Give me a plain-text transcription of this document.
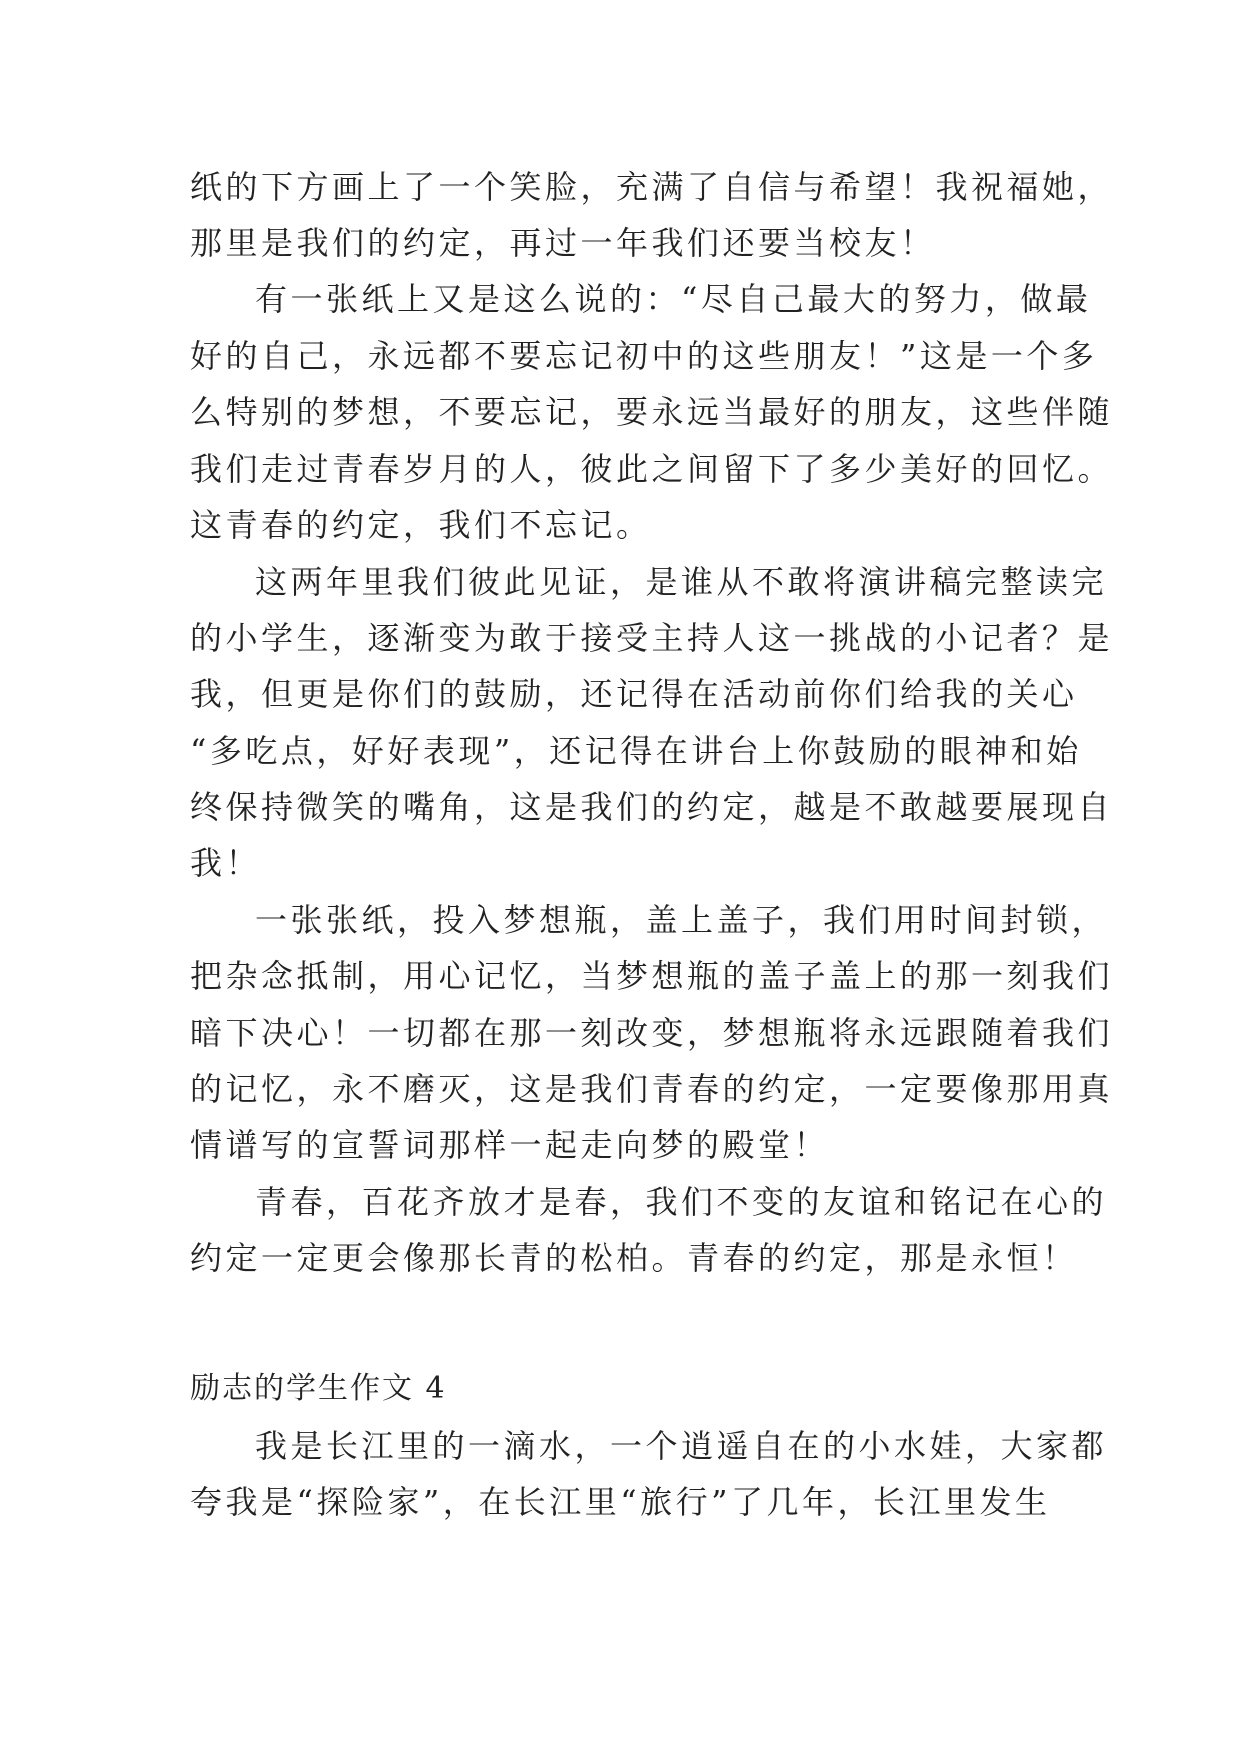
纸的下方画上了一个笑脸，充满了自信与希望！我祝福她，
那里是我们的约定，再过一年我们还要当校友！
有一张纸上又是这么说的：“尽自己最大的努力，做最
好的自己，永远都不要忘记初中的这些朋友！”这是一个多
么特别的梦想，不要忘记，要永远当最好的朋友，这些伴随
我们走过青春岁月的人，彼此之间留下了多少美好的回忆。
这青春的约定，我们不忘记。
这两年里我们彼此见证，是谁从不敢将演讲稿完整读完
的小学生，逐渐变为敢于接受主持人这一挑战的小记者？是
我，但更是你们的鼓励，还记得在活动前你们给我的关心
“多吃点，好好表现”，还记得在讲台上你鼓励的眼神和始
终保持微笑的嘴角，这是我们的约定，越是不敢越要展现自
我！
一张张纸，投入梦想瓶，盖上盖子，我们用时间封锁，
把杂念抵制，用心记忆，当梦想瓶的盖子盖上的那一刻我们
暗下决心！一切都在那一刻改变，梦想瓶将永远跟随着我们
的记忆，永不磨灭，这是我们青春的约定，一定要像那用真
情谱写的宣誓词那样一起走向梦的殿堂！
青春，百花齐放才是春，我们不变的友谊和铭记在心的
约定一定更会像那长青的松柏。青春的约定，那是永恒！
励志的学生作文 4
我是长江里的一滴水，一个逍遥自在的小水娃，大家都
夸我是“探险家”，在长江里“旅行”了几年，长江里发生
